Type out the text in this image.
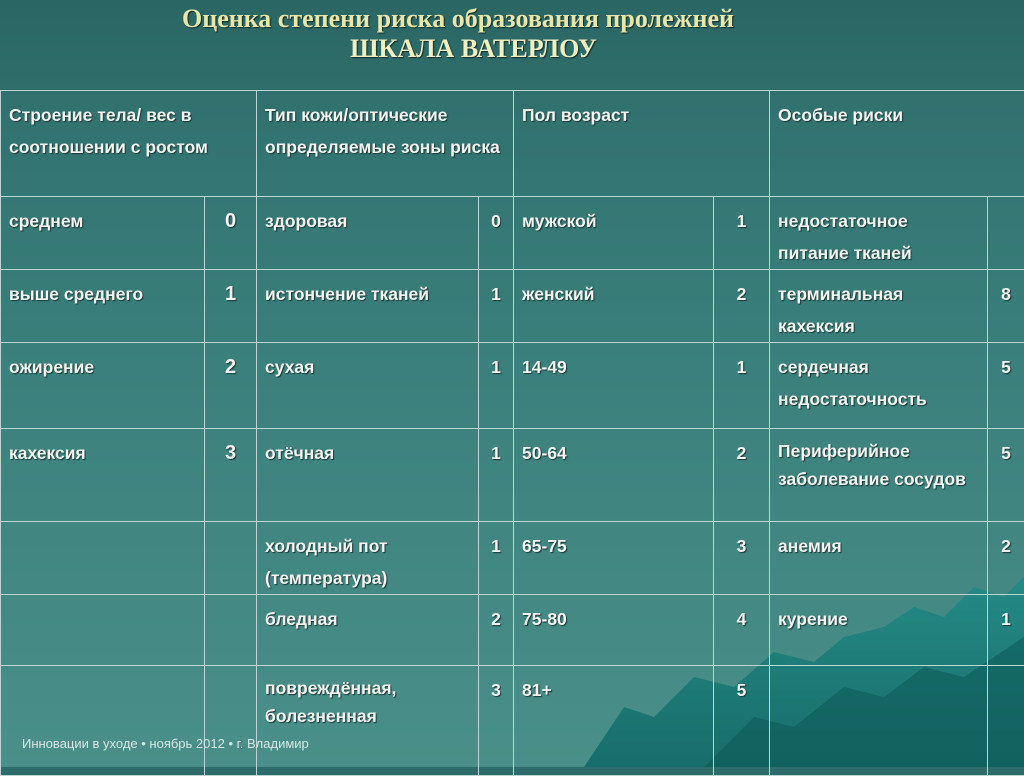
Оценка степени риска образования пролежней
ШКАЛА ВАТЕРЛОУ
Строение тела/ вес в соотношении с ростом		Тип кожи/оптические определяемые зоны риска		Пол возраст		Особые риски	
среднем	0	здоровая	0	мужской	1	недостаточное питание тканей	
выше среднего	1	истончение тканей	1	женский	2	терминальная кахексия	8
ожирение	2	сухая	1	14-49	1	сердечная недостаточность	5
кахексия	3	отёчная	1	50-64	2	Периферийное заболевание сосудов	5
		холодный пот (температура)	1	65-75	3	анемия	2
		бледная	2	75-80	4	курение	1
		повреждённая, болезненная	3	81+	5		
Инновации в уходе • ноябрь 2012 • г. Владимир
